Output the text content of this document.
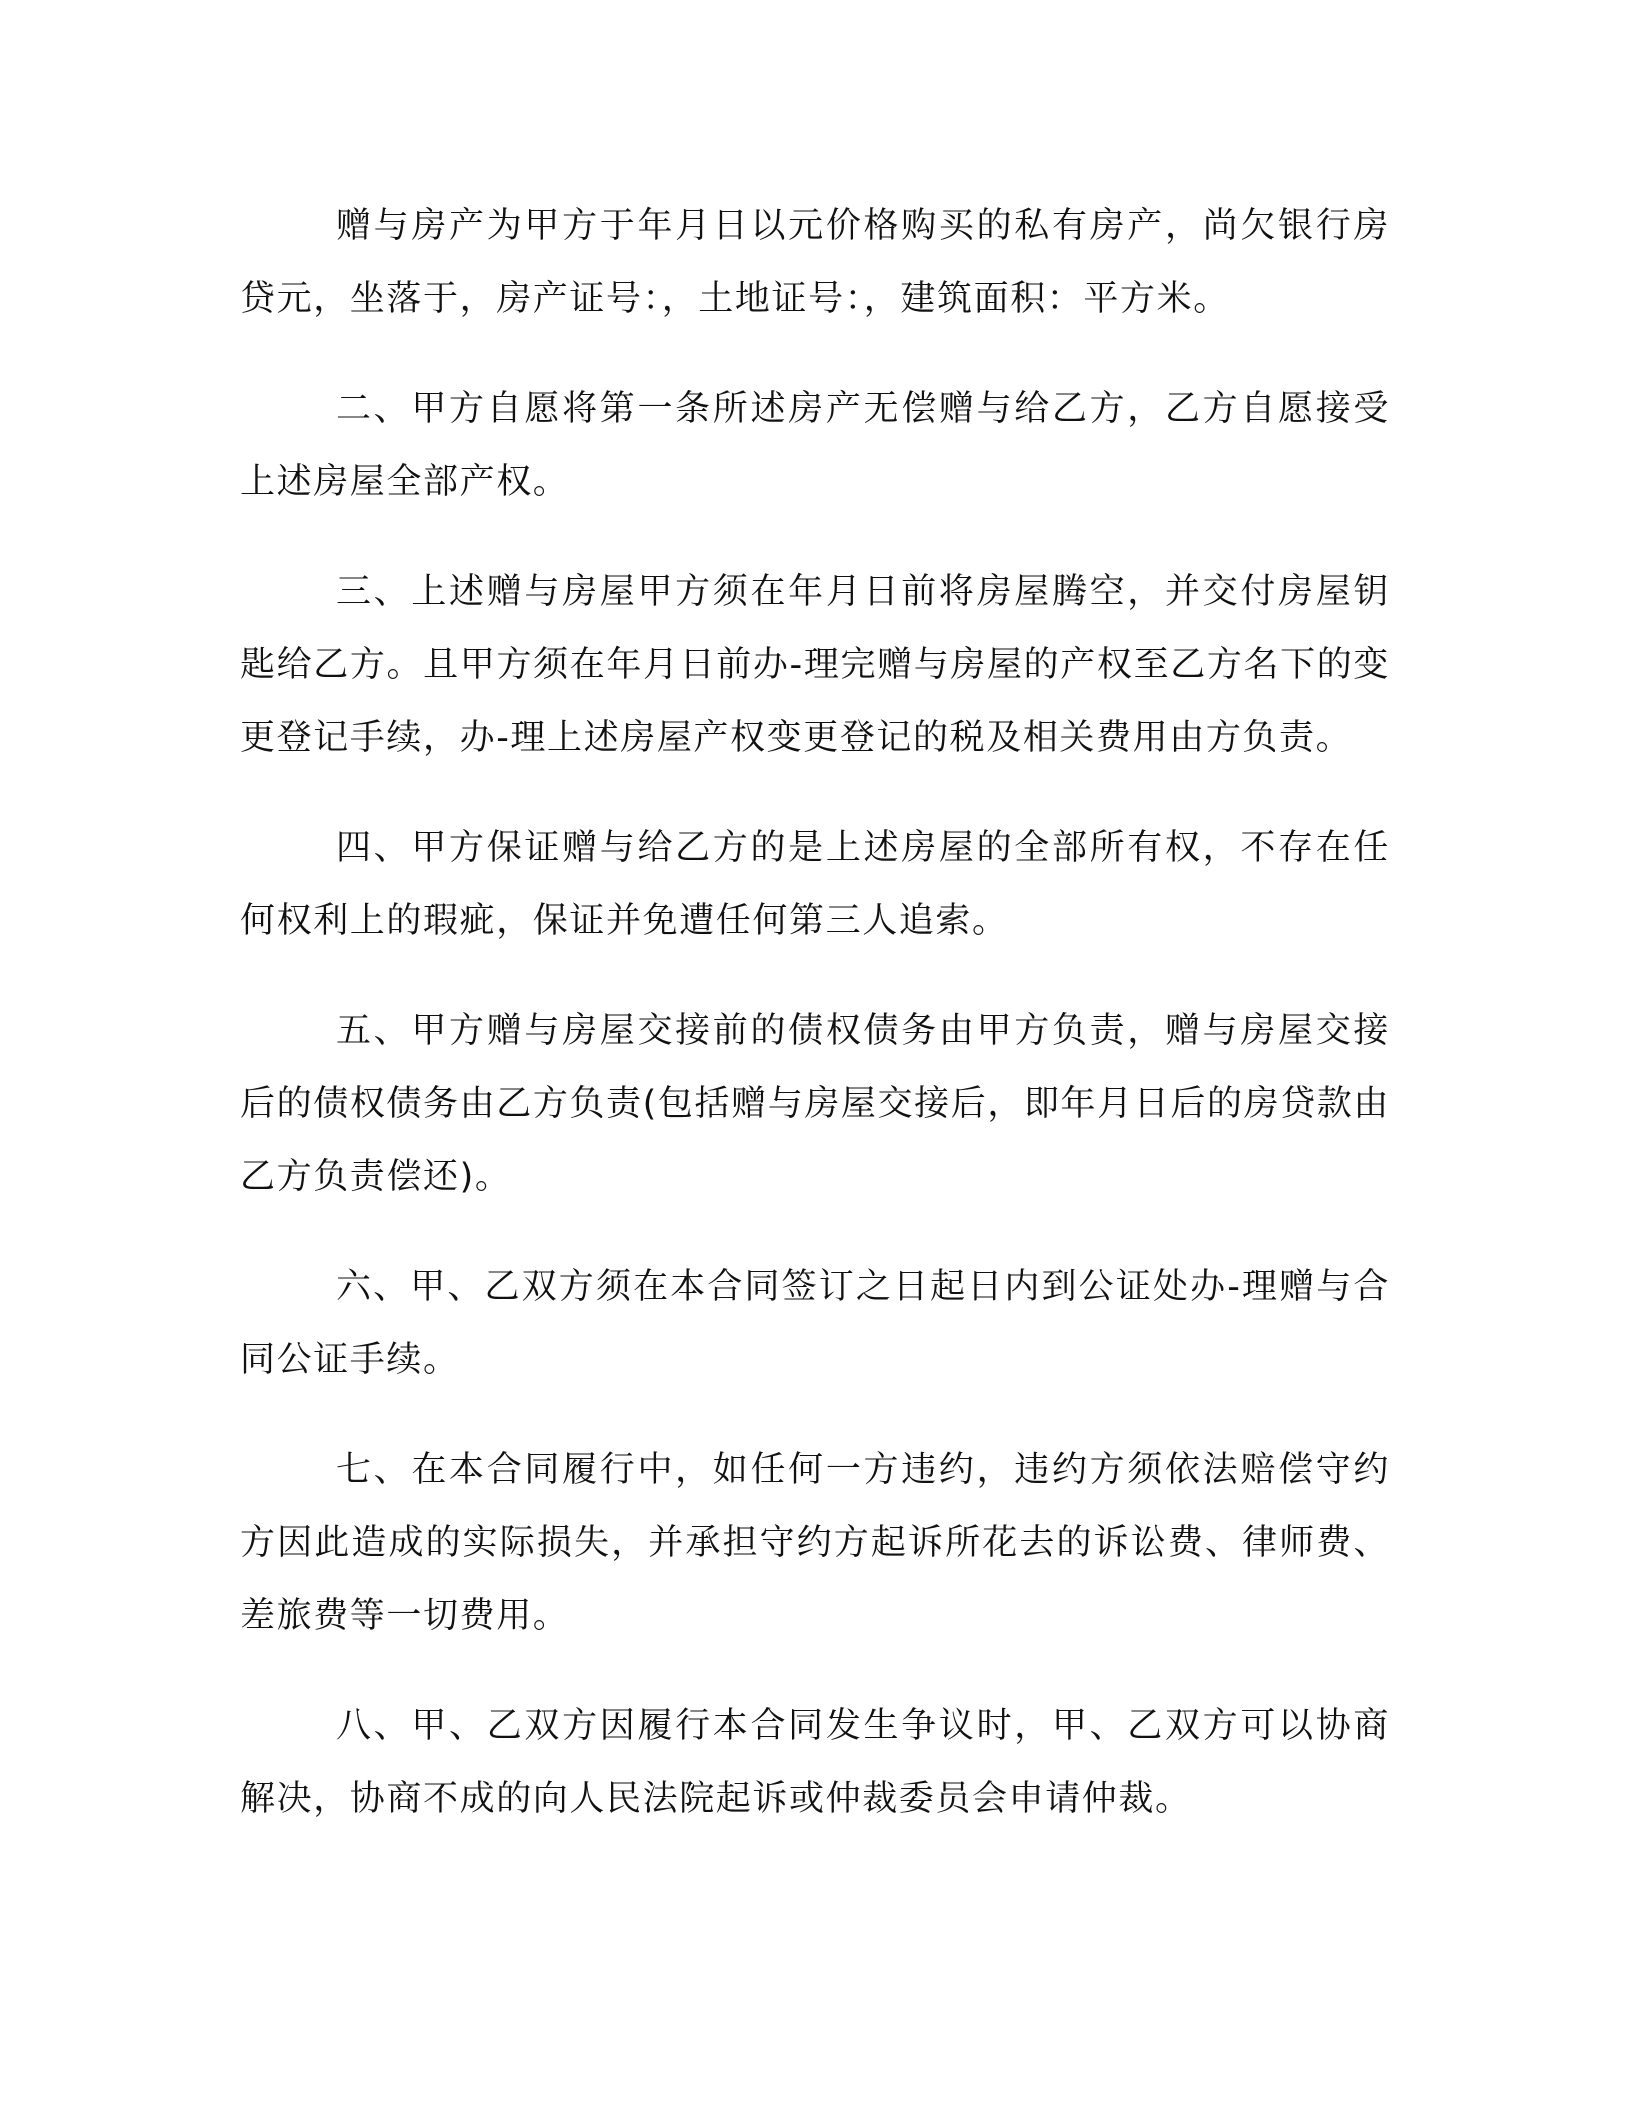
赠与房产为甲方于年月日以元价格购买的私有房产，尚欠银行房贷元，坐落于，房产证号：，土地证号：，建筑面积：平方米。

二、甲方自愿将第一条所述房产无偿赠与给乙方，乙方自愿接受上述房屋全部产权。

三、上述赠与房屋甲方须在年月日前将房屋腾空，并交付房屋钥匙给乙方。且甲方须在年月日前办-理完赠与房屋的产权至乙方名下的变更登记手续，办-理上述房屋产权变更登记的税及相关费用由方负责。

四、甲方保证赠与给乙方的是上述房屋的全部所有权，不存在任何权利上的瑕疵，保证并免遭任何第三人追索。

五、甲方赠与房屋交接前的债权债务由甲方负责，赠与房屋交接后的债权债务由乙方负责(包括赠与房屋交接后，即年月日后的房贷款由乙方负责偿还)。

六、甲、乙双方须在本合同签订之日起日内到公证处办-理赠与合同公证手续。

七、在本合同履行中，如任何一方违约，违约方须依法赔偿守约方因此造成的实际损失，并承担守约方起诉所花去的诉讼费、律师费、差旅费等一切费用。

八、甲、乙双方因履行本合同发生争议时，甲、乙双方可以协商解决，协商不成的向人民法院起诉或仲裁委员会申请仲裁。
